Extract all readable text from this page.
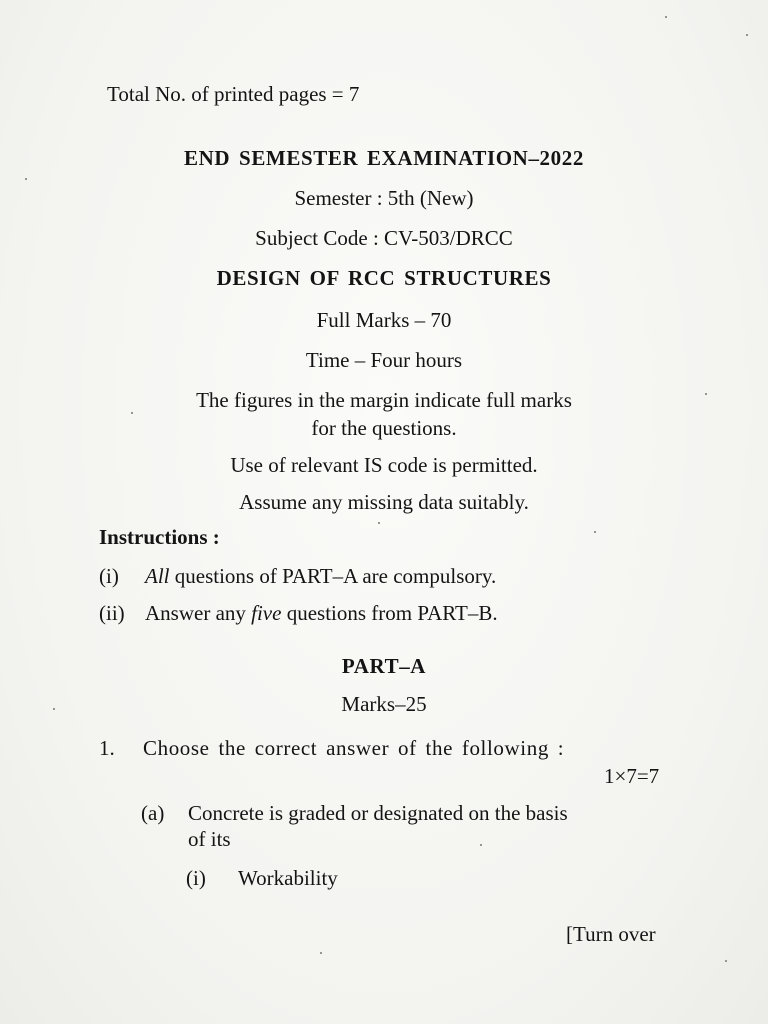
Total No. of printed pages = 7
END SEMESTER EXAMINATION–2022
Semester : 5th (New)
Subject Code : CV-503/DRCC
DESIGN OF RCC STRUCTURES
Full Marks – 70
Time – Four hours
The figures in the margin indicate full marks
for the questions.
Use of relevant IS code is permitted.
Assume any missing data suitably.
Instructions :
(i) All questions of PART–A are compulsory.
(ii) Answer any five questions from PART–B.
PART–A
Marks–25
1. Choose the correct answer of the following :
1×7=7
(a) Concrete is graded or designated on the basis
of its
(i) Workability
[Turn over
